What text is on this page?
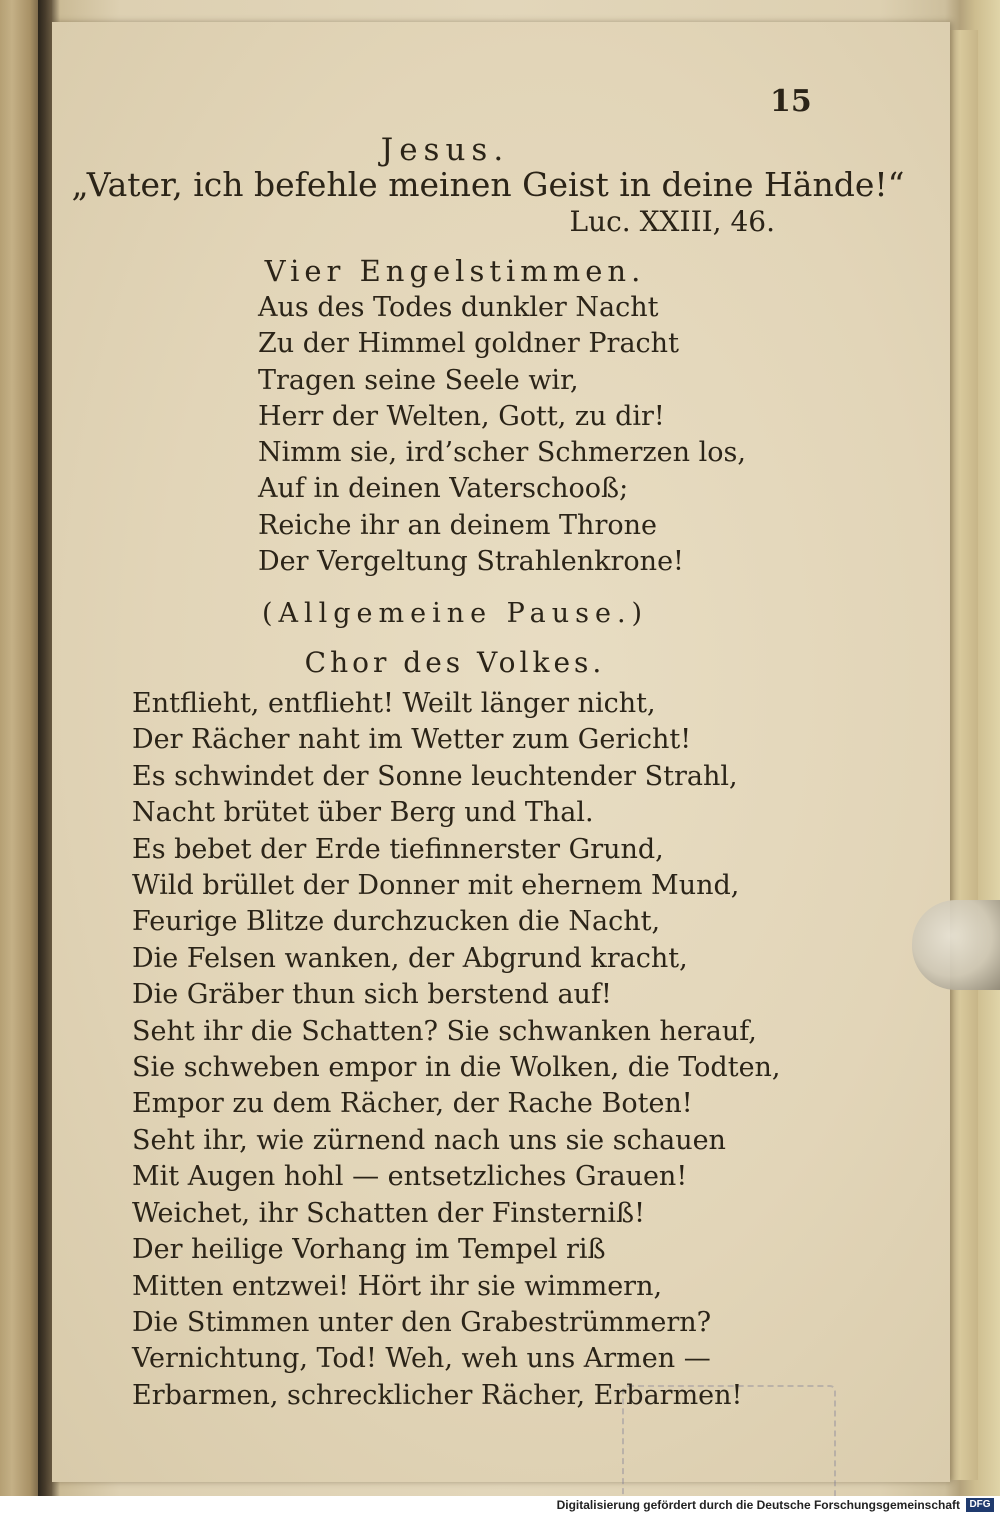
15
Jesus.
„Vater, ich befehle meinen Geist in deine Hände!“
Luc. XXIII, 46.
Vier Engelstimmen.
Aus des Todes dunkler Nacht
Zu der Himmel goldner Pracht
Tragen seine Seele wir,
Herr der Welten, Gott, zu dir!
Nimm sie, ird’scher Schmerzen los,
Auf in deinen Vaterschooß;
Reiche ihr an deinem Throne
Der Vergeltung Strahlenkrone!
(Allgemeine Pause.)
Chor des Volkes.
Entflieht, entflieht! Weilt länger nicht,
Der Rächer naht im Wetter zum Gericht!
Es schwindet der Sonne leuchtender Strahl,
Nacht brütet über Berg und Thal.
Es bebet der Erde tiefinnerster Grund,
Wild brüllet der Donner mit ehernem Mund,
Feurige Blitze durchzucken die Nacht,
Die Felsen wanken, der Abgrund kracht,
Die Gräber thun sich berstend auf!
Seht ihr die Schatten? Sie schwanken herauf,
Sie schweben empor in die Wolken, die Todten,
Empor zu dem Rächer, der Rache Boten!
Seht ihr, wie zürnend nach uns sie schauen
Mit Augen hohl — entsetzliches Grauen!
Weichet, ihr Schatten der Finsterniß!
Der heilige Vorhang im Tempel riß
Mitten entzwei! Hört ihr sie wimmern,
Die Stimmen unter den Grabestrümmern?
Vernichtung, Tod! Weh, weh uns Armen —
Erbarmen, schrecklicher Rächer, Erbarmen!
Digitalisierung gefördert durch die Deutsche Forschungsgemeinschaft DFG
